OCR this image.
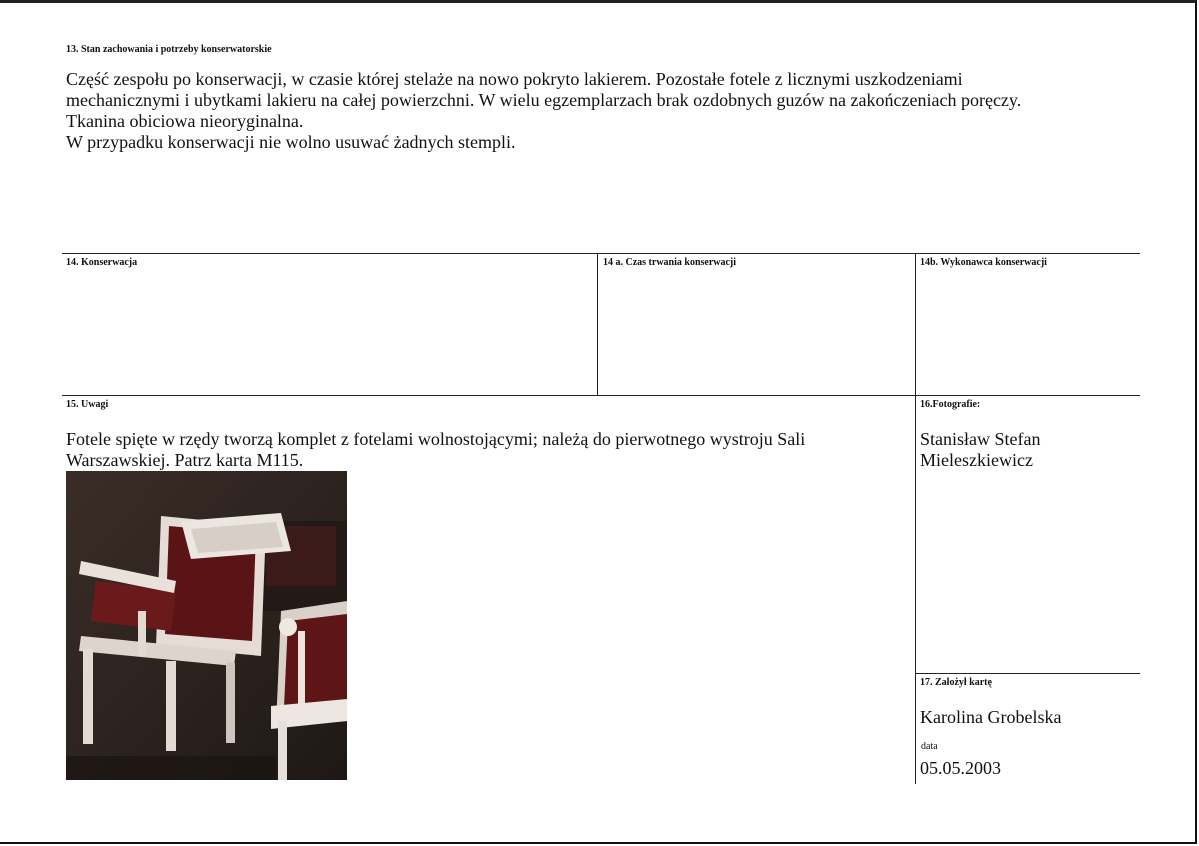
13. Stan zachowania i potrzeby konserwatorskie
Część zespołu po konserwacji, w czasie której stelaże na nowo pokryto lakierem. Pozostałe fotele z licznymi uszkodzeniami
mechanicznymi i ubytkami lakieru na całej powierzchni. W wielu egzemplarzach brak ozdobnych guzów na zakończeniach poręczy.
Tkanina obiciowa nieoryginalna.
W przypadku konserwacji nie wolno usuwać żadnych stempli.
14. Konserwacja	14 a. Czas trwania konserwacji	14b. Wykonawca konserwacji
15. Uwagi
Fotele spięte w rzędy tworzą komplet z fotelami wolnostojącymi; należą do pierwotnego wystroju Sali
Warszawskiej. Patrz karta M115.
16.Fotografie:
Stanisław Stefan
Mieleszkiewicz
17. Założył kartę
Karolina Grobelska
data
05.05.2003
